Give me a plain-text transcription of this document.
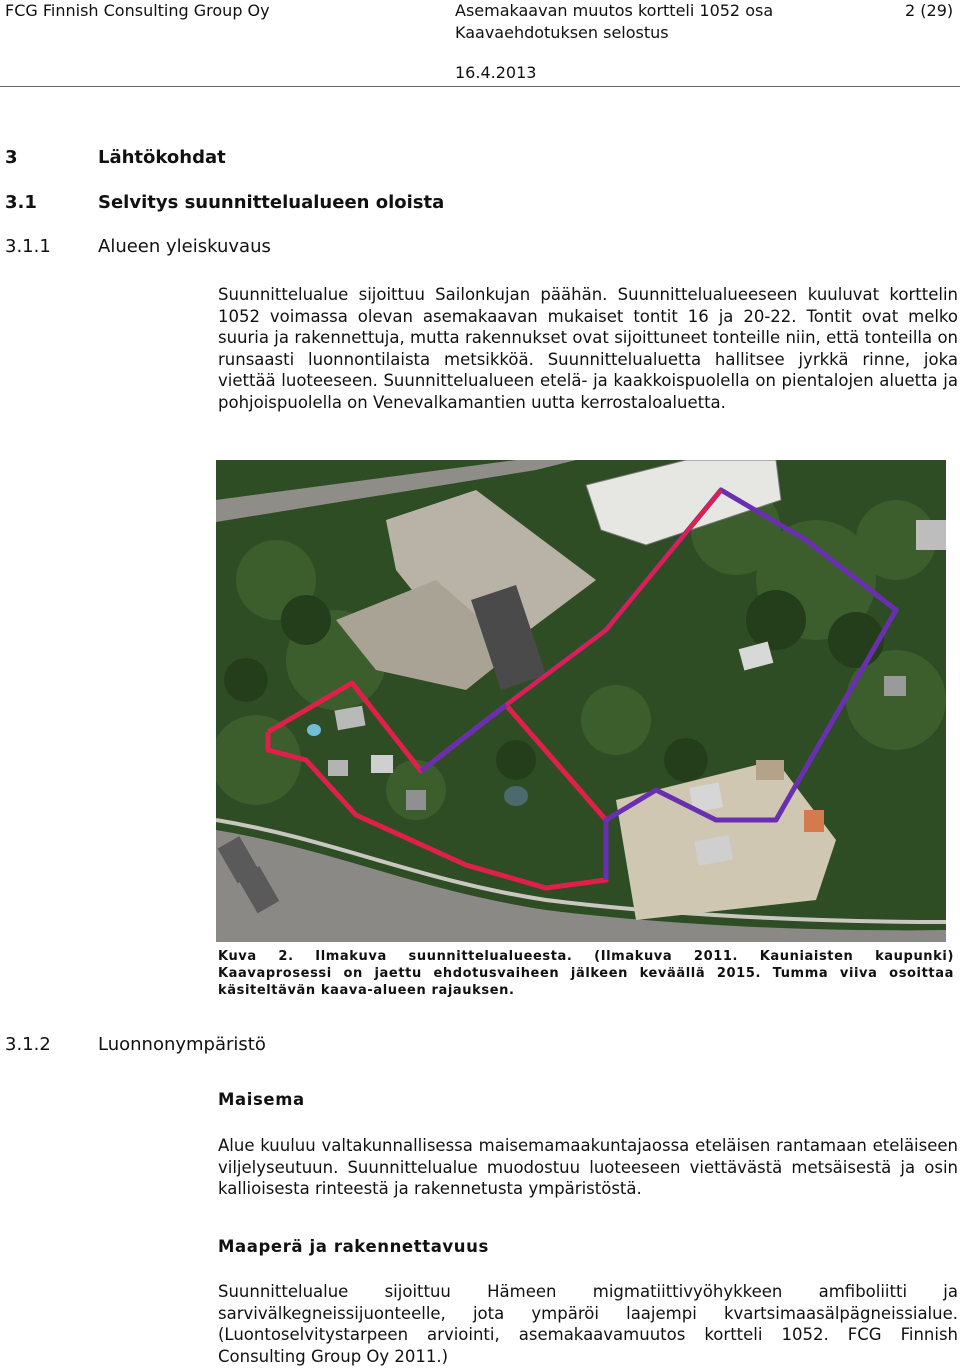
FCG Finnish Consulting Group Oy	Asemakaavan muutos kortteli 1052 osa
Kaavaehdotuksen selostus
2 (29)
16.4.2013
3	Lähtökohdat
3.1	Selvitys suunnittelualueen oloista
3.1.1	Alueen yleiskuvaus
Suunnittelualue sijoittuu Sailonkujan päähän. Suunnittelualueeseen kuuluvat korttelin 1052 voimassa olevan asemakaavan mukaiset tontit 16 ja 20-22. Tontit ovat melko suuria ja rakennettuja, mutta rakennukset ovat sijoittuneet tonteille niin, että tonteilla on runsaasti luonnontilaista metsikköä. Suunnittelualuetta hallitsee jyrkkä rinne, joka viettää luoteeseen. Suunnittelualueen etelä- ja kaakkoispuolella on pientalojen aluetta ja pohjoispuolella on Venevalkamantien uutta kerrostaloaluetta.
Kuva 2. Ilmakuva suunnittelualueesta. (Ilmakuva 2011. Kauniaisten kaupunki) Kaavaprosessi on jaettu ehdotusvaiheen jälkeen keväällä 2015. Tumma viiva osoittaa käsiteltävän kaava-alueen rajauksen.
3.1.2	Luonnonympäristö
Maisema
Alue kuuluu valtakunnallisessa maisemamaakuntajaossa eteläisen rantamaan eteläiseen viljelyseutuun. Suunnittelualue muodostuu luoteeseen viettävästä metsäisestä ja osin kallioisesta rinteestä ja rakennetusta ympäristöstä.
Maaperä ja rakennettavuus
Suunnittelualue sijoittuu Hämeen migmatiittivyöhykkeen amfiboliitti ja sarvivälkegneissijuonteelle, jota ympäröi laajempi kvartsimaasälpägneissialue. (Luontoselvitystarpeen arviointi, asemakaavamuutos kortteli 1052. FCG Finnish Consulting Group Oy 2011.)
